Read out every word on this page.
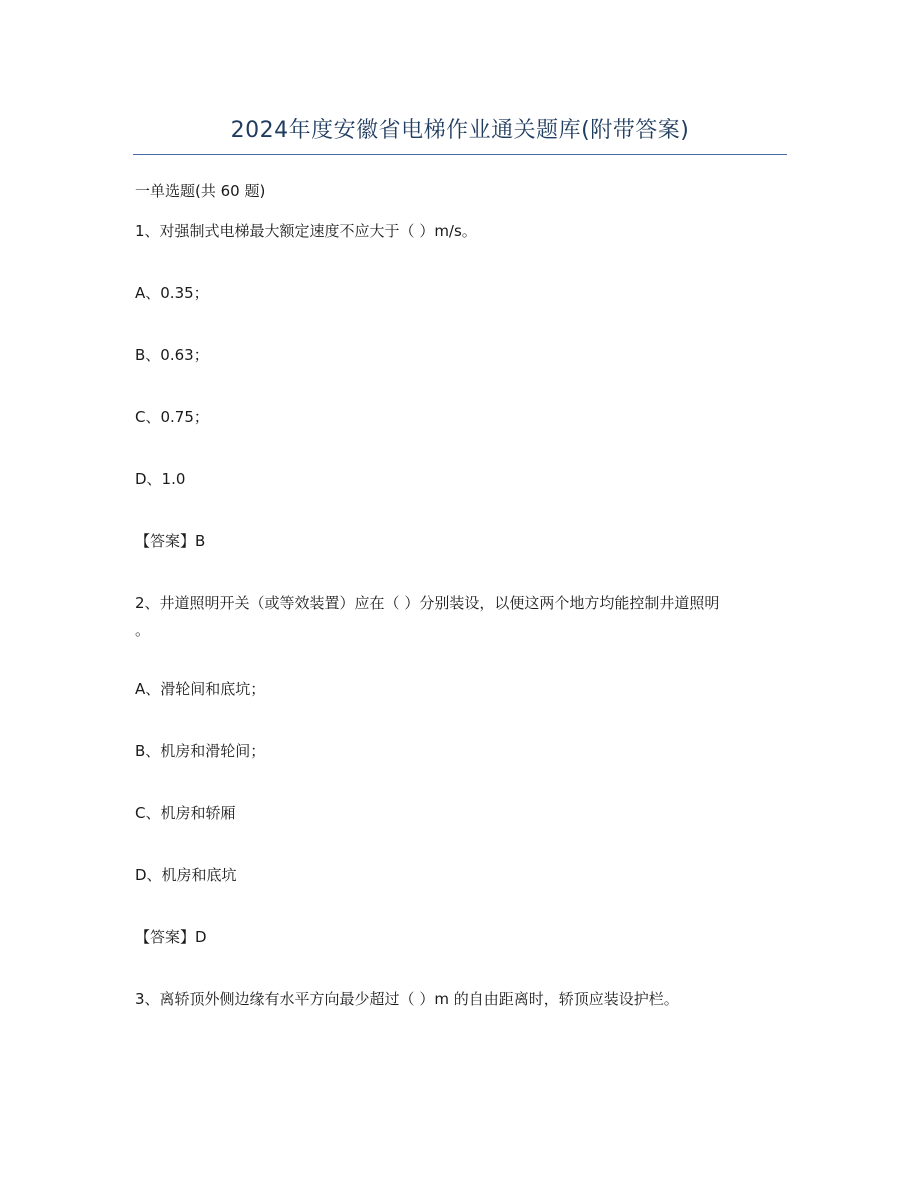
2024年度安徽省电梯作业通关题库(附带答案)
一单选题(共 60 题)
1、对强制式电梯最大额定速度不应大于（ ）m/s。
A、0.35；
B、0.63；
C、0.75；
D、1.0
【答案】B
2、井道照明开关（或等效装置）应在（ ）分别装设，以便这两个地方均能控制井道照明
。
A、滑轮间和底坑；
B、机房和滑轮间；
C、机房和轿厢
D、机房和底坑
【答案】D
3、离轿顶外侧边缘有水平方向最少超过（ ）m 的自由距离时，轿顶应装设护栏。
